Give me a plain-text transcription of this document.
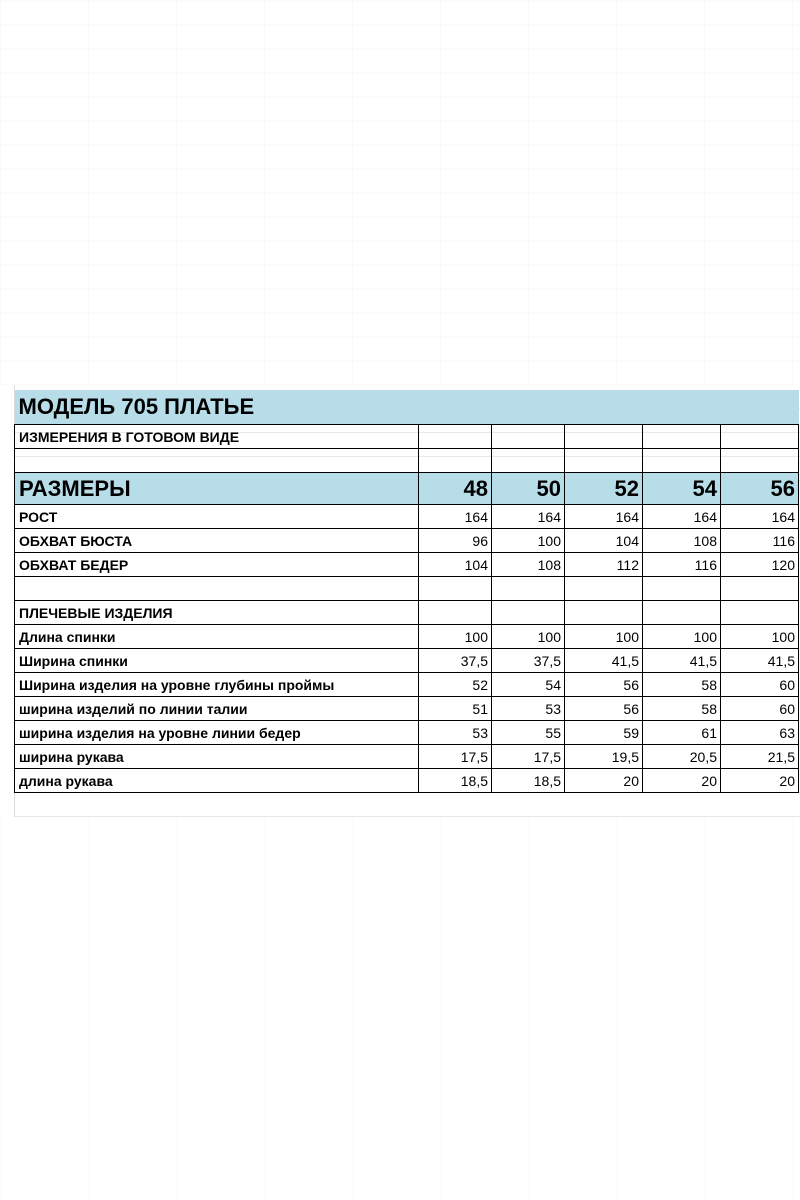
МОДЕЛЬ 705 ПЛАТЬЕ					
ИЗМЕРЕНИЯ В ГОТОВОМ ВИДЕ					

РАЗМЕРЫ	48	50	52	54	56
РОСТ	164	164	164	164	164
ОБХВАТ БЮСТА	96	100	104	108	116
ОБХВАТ БЕДЕР	104	108	112	116	120

ПЛЕЧЕВЫЕ ИЗДЕЛИЯ					
Длина спинки	100	100	100	100	100
Ширина спинки	37,5	37,5	41,5	41,5	41,5
Ширина изделия на уровне глубины проймы	52	54	56	58	60
ширина изделий по линии талии	51	53	56	58	60
ширина изделия на уровне линии бедер	53	55	59	61	63
ширина рукава	17,5	17,5	19,5	20,5	21,5
длина рукава	18,5	18,5	20	20	20
